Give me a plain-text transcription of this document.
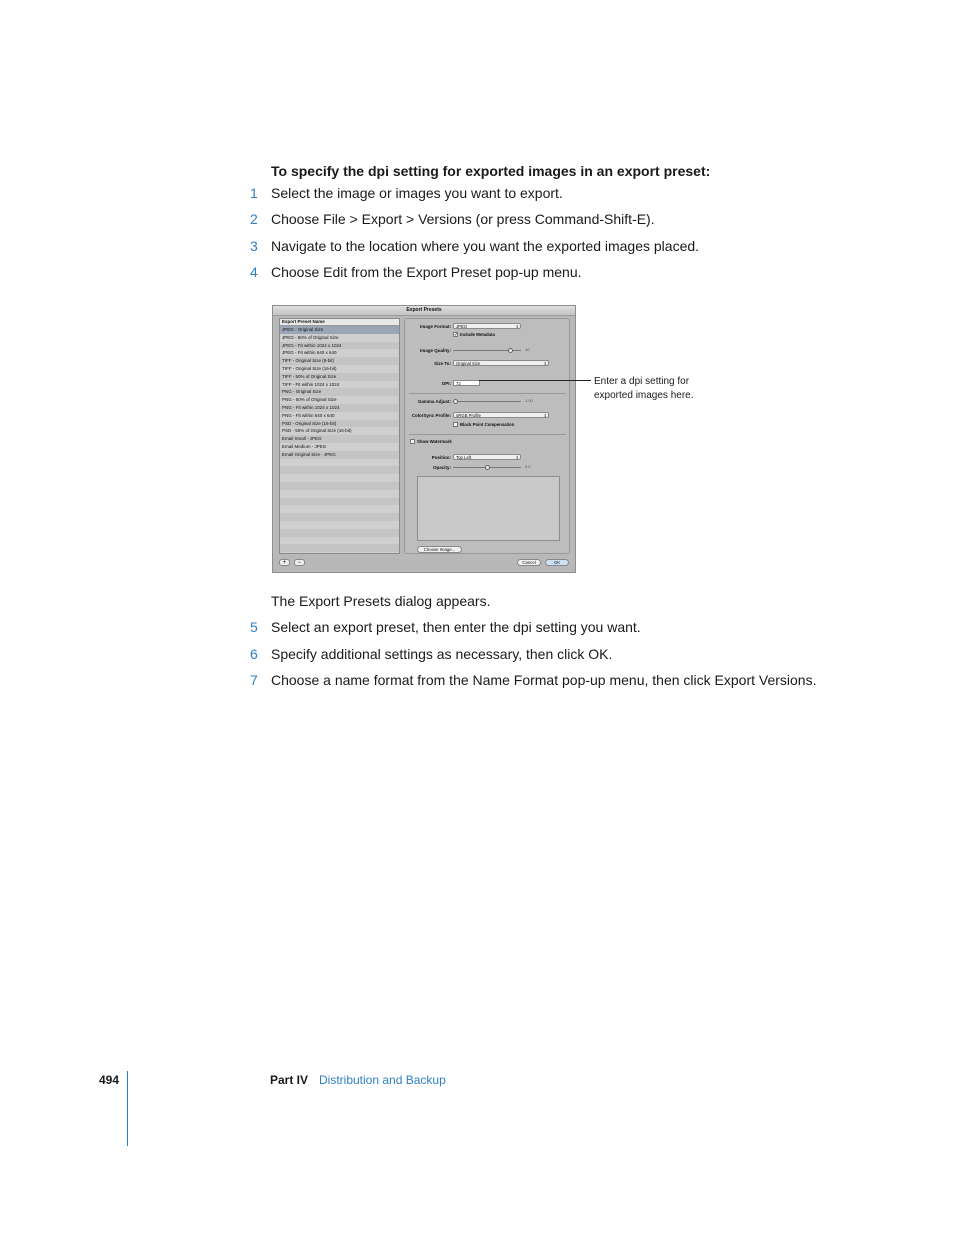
To specify the dpi setting for exported images in an export preset:
1 Select the image or images you want to export.
2 Choose File > Export > Versions (or press Command-Shift-E).
3 Navigate to the location where you want the exported images placed.
4 Choose Edit from the Export Preset pop-up menu.
Export Presets
Export Preset Name
JPEG - Original Size
JPEG - 50% of Original Size
JPEG - Fit within 1024 x 1024
JPEG - Fit within 640 x 640
TIFF - Original Size (8-bit)
TIFF - Original Size (16-bit)
TIFF - 50% of Original Size
TIFF - Fit within 1024 x 1024
PNG - Original Size
PNG - 50% of Original Size
PNG - Fit within 1024 x 1024
PNG - Fit within 640 x 640
PSD - Original Size (16-bit)
PSD - 50% of Original Size (16-bit)
Email Small - JPEG
Email Medium - JPEG
Email Original Size - JPEG
+	−
Image Format:	JPEG	⇕
✓ Include Metadata
Image Quality:	10
Size To:	Original Size	⇕
DPI:	72
Gamma Adjust:	1.00
ColorSync Profile:	sRGB Profile	⇕
Black Point Compensation
Show Watermark
Position:	Top Left	⇕
Opacity:	0.0
Choose Image...
Cancel	OK
Enter a dpi setting for exported images here.
The Export Presets dialog appears.
5 Select an export preset, then enter the dpi setting you want.
6 Specify additional settings as necessary, then click OK.
7 Choose a name format from the Name Format pop-up menu, then click Export Versions.
494	Part IV Distribution and Backup
